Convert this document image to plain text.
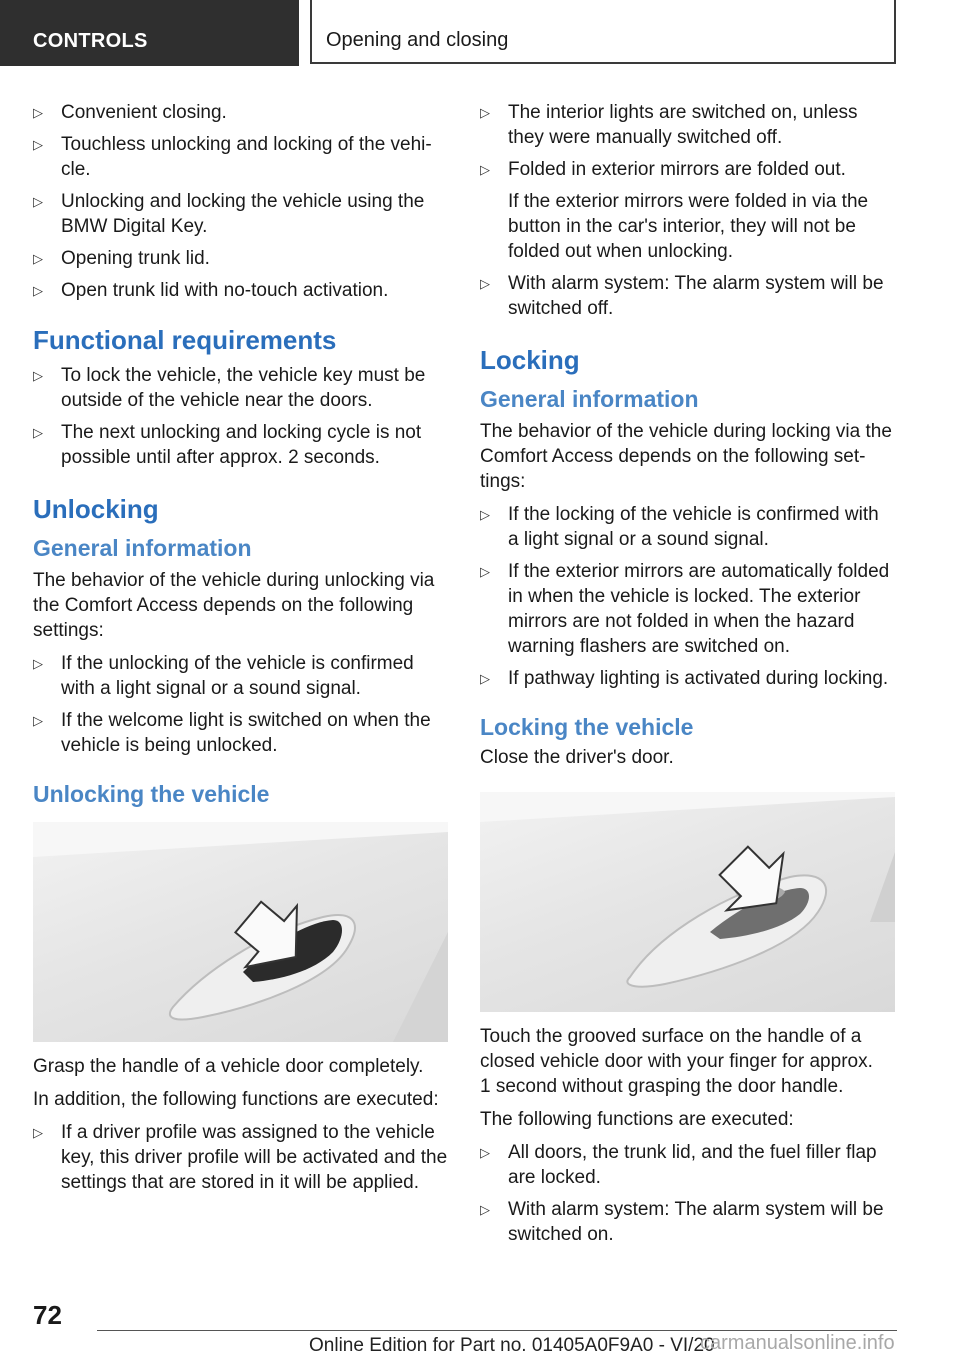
CONTROLS	Opening and closing
▷ Convenient closing.
▷ Touchless unlocking and locking of the vehi-
cle.
▷ Unlocking and locking the vehicle using the
BMW Digital Key.
▷ Opening trunk lid.
▷ Open trunk lid with no-touch activation.
Functional requirements
▷ To lock the vehicle, the vehicle key must be
outside of the vehicle near the doors.
▷ The next unlocking and locking cycle is not
possible until after approx. 2 seconds.
Unlocking
General information

The behavior of the vehicle during unlocking via
the Comfort Access depends on the following
settings:

▷ If the unlocking of the vehicle is confirmed
with a light signal or a sound signal.
▷ If the welcome light is switched on when the
vehicle is being unlocked.
Unlocking the vehicle

Grasp the handle of a vehicle door completely.

In addition, the following functions are executed:

▷ If a driver profile was assigned to the vehicle
key, this driver profile will be activated and the
settings that are stored in it will be applied.
▷ The interior lights are switched on, unless
they were manually switched off.
▷ Folded in exterior mirrors are folded out.
If the exterior mirrors were folded in via the
button in the car's interior, they will not be
folded out when unlocking.
▷ With alarm system: The alarm system will be
switched off.
Locking
General information

The behavior of the vehicle during locking via the
Comfort Access depends on the following set-
tings:

▷ If the locking of the vehicle is confirmed with
a light signal or a sound signal.
▷ If the exterior mirrors are automatically folded
in when the vehicle is locked. The exterior
mirrors are not folded in when the hazard
warning flashers are switched on.
▷ If pathway lighting is activated during locking.
Locking the vehicle

Close the driver's door.

Touch the grooved surface on the handle of a
closed vehicle door with your finger for approx.
1 second without grasping the door handle.

The following functions are executed:

▷ All doors, the trunk lid, and the fuel filler flap
are locked.
▷ With alarm system: The alarm system will be
switched on.
72
Online Edition for Part no. 01405A0F9A0 - VI/20
carmanualsonline.info
